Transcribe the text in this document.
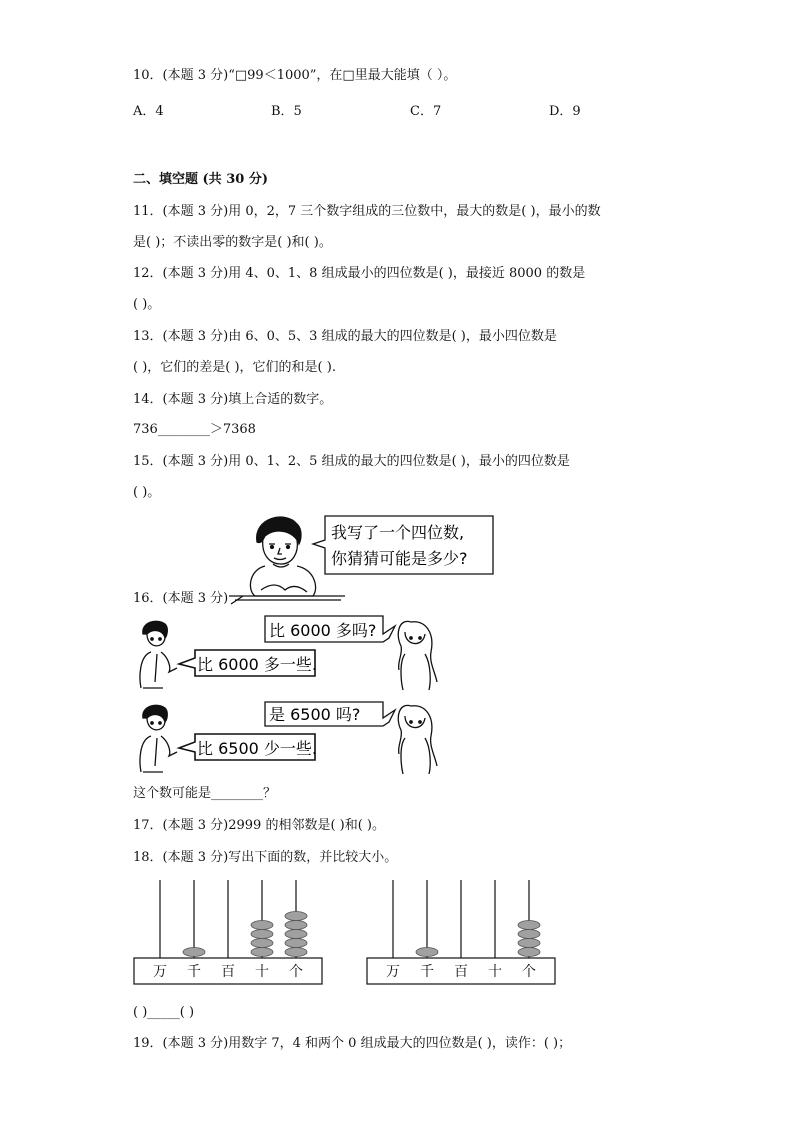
10．(本题 3 分)“□99＜1000”，在□里最大能填（ ）。
A．4	B．5	C．7	D．9
二、填空题 (共 30 分)
11．(本题 3 分)用 0，2，7 三个数字组成的三位数中，最大的数是( )，最小的数
是( )；不读出零的数字是( )和( )。
12．(本题 3 分)用 4、0、1、8 组成最小的四位数是( )，最接近 8000 的数是
( )。
13．(本题 3 分)由 6、0、5、3 组成的最大的四位数是( )，最小四位数是
( )，它们的差是( )，它们的和是( ).
14．(本题 3 分)填上合适的数字。
736________＞7368
15．(本题 3 分)用 0、1、2、5 组成的最大的四位数是( )，最小的四位数是
( )。
我写了一个四位数,
你猜猜可能是多少?
16．(本题 3 分)
比 6000 多吗?
比 6000 多一些.
是 6500 吗?
比 6500 少一些.
这个数可能是________？
17．(本题 3 分)2999 的相邻数是( )和( )。
18．(本题 3 分)写出下面的数，并比较大小。
万 千 百 十 个	万 千 百 十 个
( )_____( )
19．(本题 3 分)用数字 7，4 和两个 0 组成最大的四位数是( )，读作：( )；
